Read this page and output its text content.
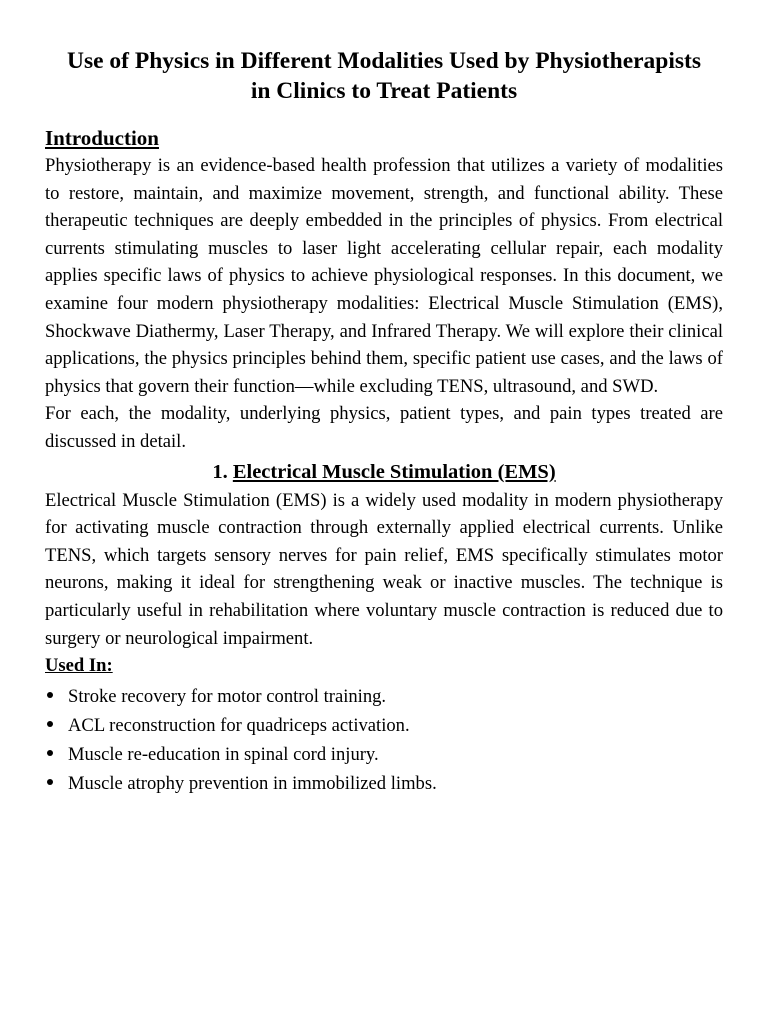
Use of Physics in Different Modalities Used by Physiotherapists
in Clinics to Treat Patients
Introduction

Physiotherapy is an evidence-based health profession that utilizes a variety of modalities to restore, maintain, and maximize movement, strength, and functional ability. These therapeutic techniques are deeply embedded in the principles of physics. From electrical currents stimulating muscles to laser light accelerating cellular repair, each modality applies specific laws of physics to achieve physiological responses. In this document, we examine four modern physiotherapy modalities: Electrical Muscle Stimulation (EMS), Shockwave Diathermy, Laser Therapy, and Infrared Therapy. We will explore their clinical applications, the physics principles behind them, specific patient use cases, and the laws of physics that govern their function—while excluding TENS, ultrasound, and SWD.

For each, the modality, underlying physics, patient types, and pain types treated are discussed in detail.

1. Electrical Muscle Stimulation (EMS)

Electrical Muscle Stimulation (EMS) is a widely used modality in modern physiotherapy for activating muscle contraction through externally applied electrical currents. Unlike TENS, which targets sensory nerves for pain relief, EMS specifically stimulates motor neurons, making it ideal for strengthening weak or inactive muscles. The technique is particularly useful in rehabilitation where voluntary muscle contraction is reduced due to surgery or neurological impairment.

Used In:

Stroke recovery for motor control training.
ACL reconstruction for quadriceps activation.
Muscle re-education in spinal cord injury.
Muscle atrophy prevention in immobilized limbs.
